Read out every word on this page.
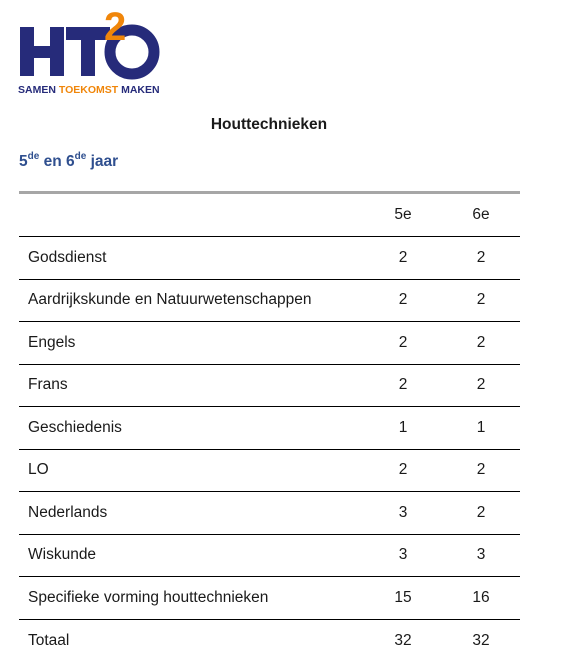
2
SAMEN TOEKOMST MAKEN
Houttechnieken
5de en 6de jaar
	5e	6e
Godsdienst	2	2
Aardrijkskunde en Natuurwetenschappen	2	2
Engels	2	2
Frans	2	2
Geschiedenis	1	1
LO	2	2
Nederlands	3	2
Wiskunde	3	3
Specifieke vorming houttechnieken	15	16
Totaal	32	32
